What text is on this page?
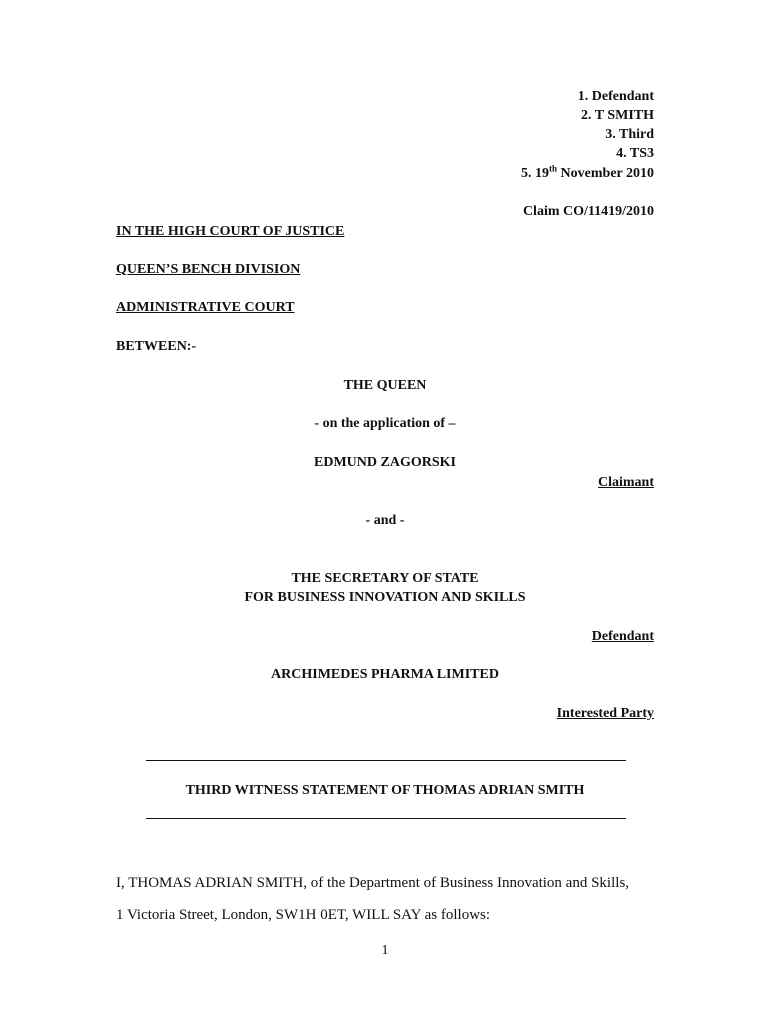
1. Defendant
2. T SMITH
3. Third
4. TS3
5. 19th November 2010
Claim CO/11419/2010
IN THE HIGH COURT OF JUSTICE
QUEEN’S BENCH DIVISION
ADMINISTRATIVE COURT
BETWEEN:-
THE QUEEN
- on the application of –
EDMUND ZAGORSKI
Claimant
- and -
THE SECRETARY OF STATE
FOR BUSINESS INNOVATION AND SKILLS
Defendant
ARCHIMEDES PHARMA LIMITED
Interested Party
THIRD WITNESS STATEMENT OF THOMAS ADRIAN SMITH
I, THOMAS ADRIAN SMITH, of the Department of Business Innovation and Skills,
1 Victoria Street, London, SW1H 0ET, WILL SAY as follows:
1
